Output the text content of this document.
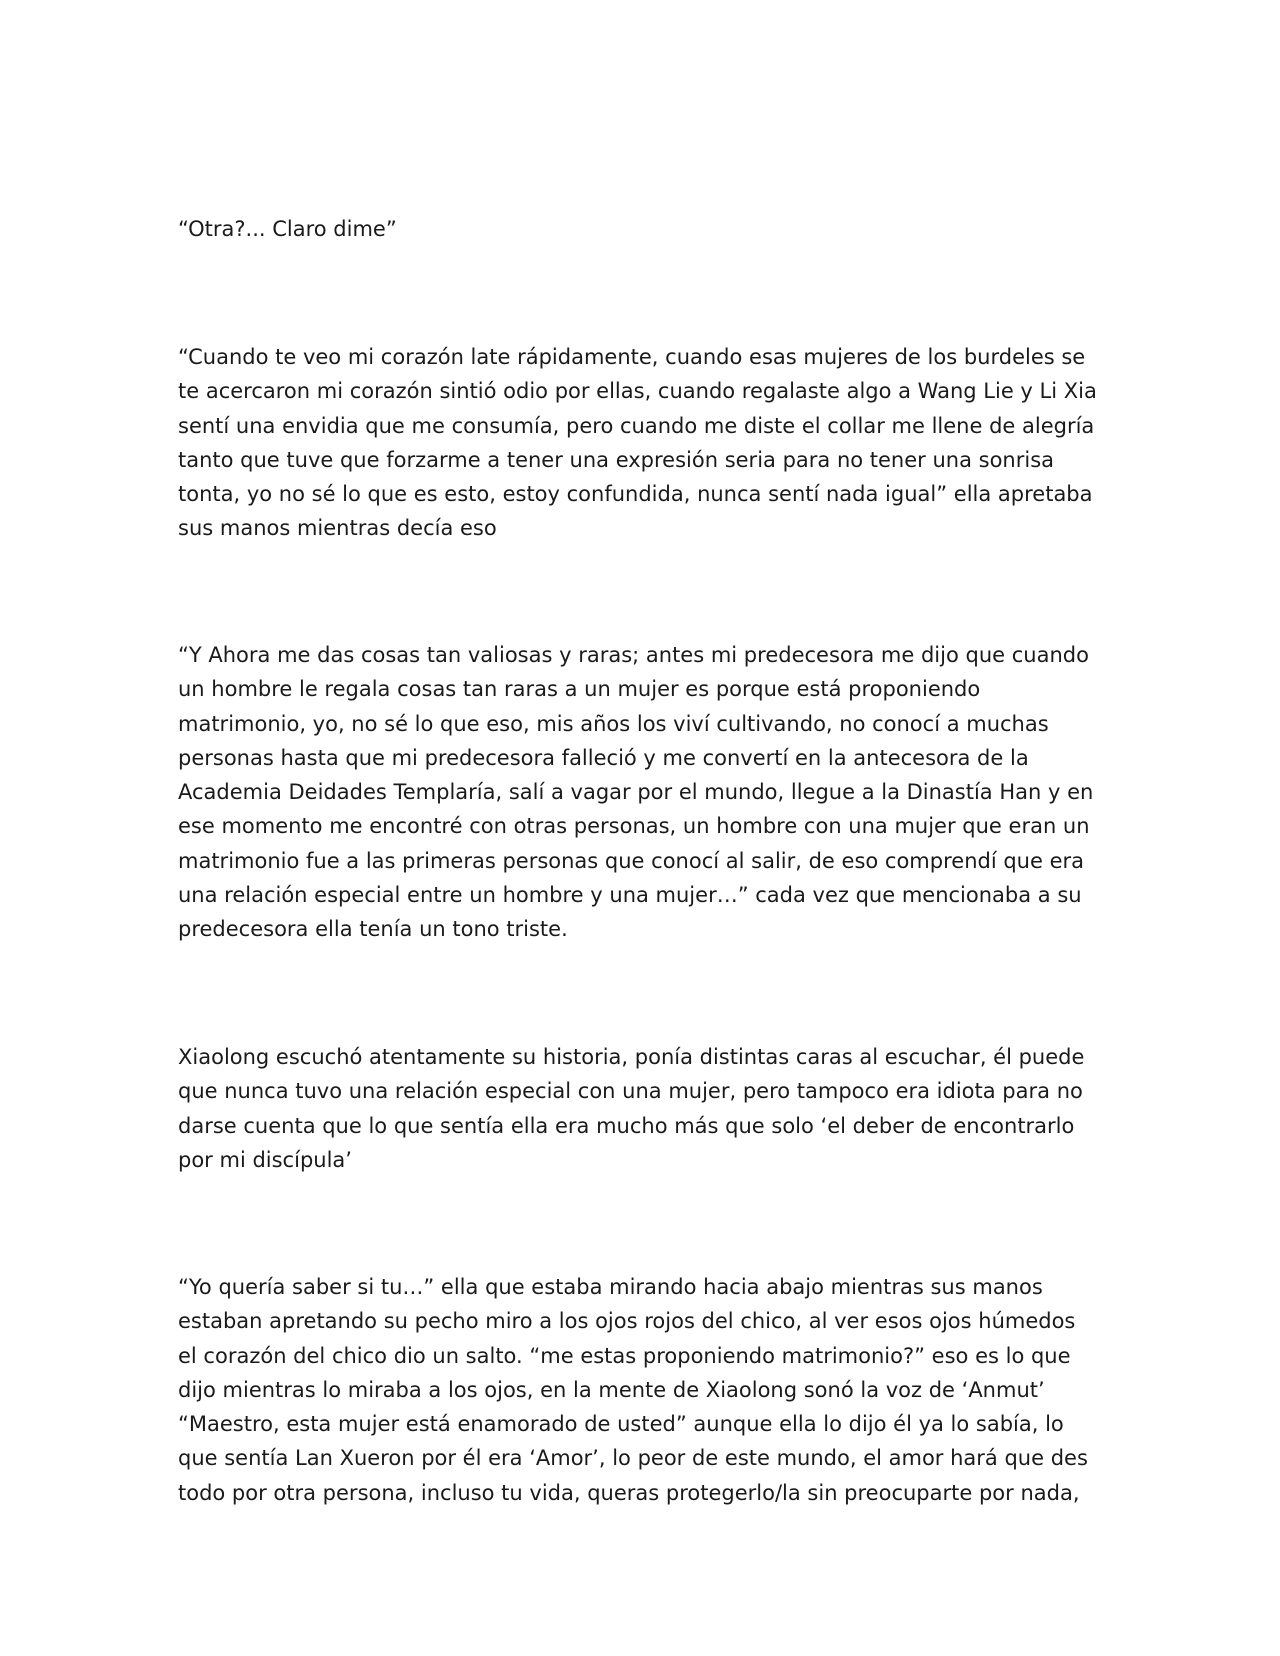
“Otra?... Claro dime”

“Cuando te veo mi corazón late rápidamente, cuando esas mujeres de los burdeles se te acercaron mi corazón sintió odio por ellas, cuando regalaste algo a Wang Lie y Li Xia sentí una envidia que me consumía, pero cuando me diste el collar me llene de alegría tanto que tuve que forzarme a tener una expresión seria para no tener una sonrisa tonta, yo no sé lo que es esto, estoy confundida, nunca sentí nada igual” ella apretaba sus manos mientras decía eso

“Y Ahora me das cosas tan valiosas y raras; antes mi predecesora me dijo que cuando un hombre le regala cosas tan raras a un mujer es porque está proponiendo matrimonio, yo, no sé lo que eso, mis años los viví cultivando, no conocí a muchas personas hasta que mi predecesora falleció y me convertí en la antecesora de la Academia Deidades Templaría, salí a vagar por el mundo, llegue a la Dinastía Han y en ese momento me encontré con otras personas, un hombre con una mujer que eran un matrimonio fue a las primeras personas que conocí al salir, de eso comprendí que era una relación especial entre un hombre y una mujer…” cada vez que mencionaba a su predecesora ella tenía un tono triste.

Xiaolong escuchó atentamente su historia, ponía distintas caras al escuchar, él puede que nunca tuvo una relación especial con una mujer, pero tampoco era idiota para no darse cuenta que lo que sentía ella era mucho más que solo ‘el deber de encontrarlo por mi discípula’

“Yo quería saber si tu…” ella que estaba mirando hacia abajo mientras sus manos estaban apretando su pecho miro a los ojos rojos del chico, al ver esos ojos húmedos el corazón del chico dio un salto. “me estas proponiendo matrimonio?” eso es lo que dijo mientras lo miraba a los ojos, en la mente de Xiaolong sonó la voz de ‘Anmut’ “Maestro, esta mujer está enamorado de usted” aunque ella lo dijo él ya lo sabía, lo que sentía Lan Xueron por él era ‘Amor’, lo peor de este mundo, el amor hará que des todo por otra persona, incluso tu vida, queras protegerlo/la sin preocuparte por nada,
